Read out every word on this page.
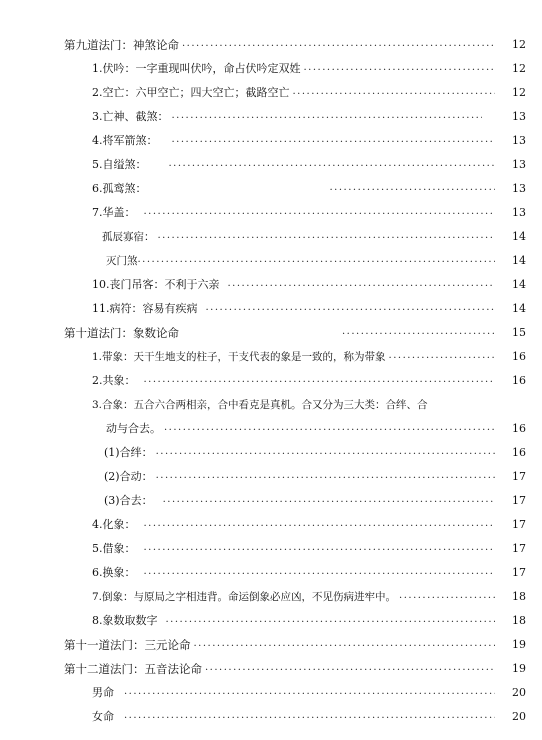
第九道法门：神煞论命 .....	12
1.伏吟：一字重现叫伏吟，命占伏吟定双姓 .....	12
2.空亡：六甲空亡；四大空亡；截路空亡 .....	12
3.亡神、截煞： .....	13
4.将军箭煞： .....	13
5.自缢煞： .....	13
6.孤鸾煞： .....	13
7.华盖： .....	13
孤辰寡宿： .....	14
灭门煞 .....	14
10.丧门吊客：不利于六亲 .....	14
11.病符：容易有疾病 .....	14
第十道法门：象数论命 .....	15
1.带象：天干生地支的柱子，干支代表的象是一致的，称为带象 .....	16
2.共象： .....	16
3.合象：五合六合两相亲，合中看克是真机。合又分为三大类：合绊、合
动与合去。 .....	16
(1)合绊： .....	16
(2)合动： .....	17
(3)合去： .....	17
4.化象： .....	17
5.借象： .....	17
6.换象： .....	17
7.倒象：与原局之字相违背。命运倒象必应凶，不见伤病进牢中。 .....	18
8.象数取数字 .....	18
第十一道法门：三元论命 .....	19
第十二道法门：五音法论命 .....	19
男命 .....	20
女命 .....	20
